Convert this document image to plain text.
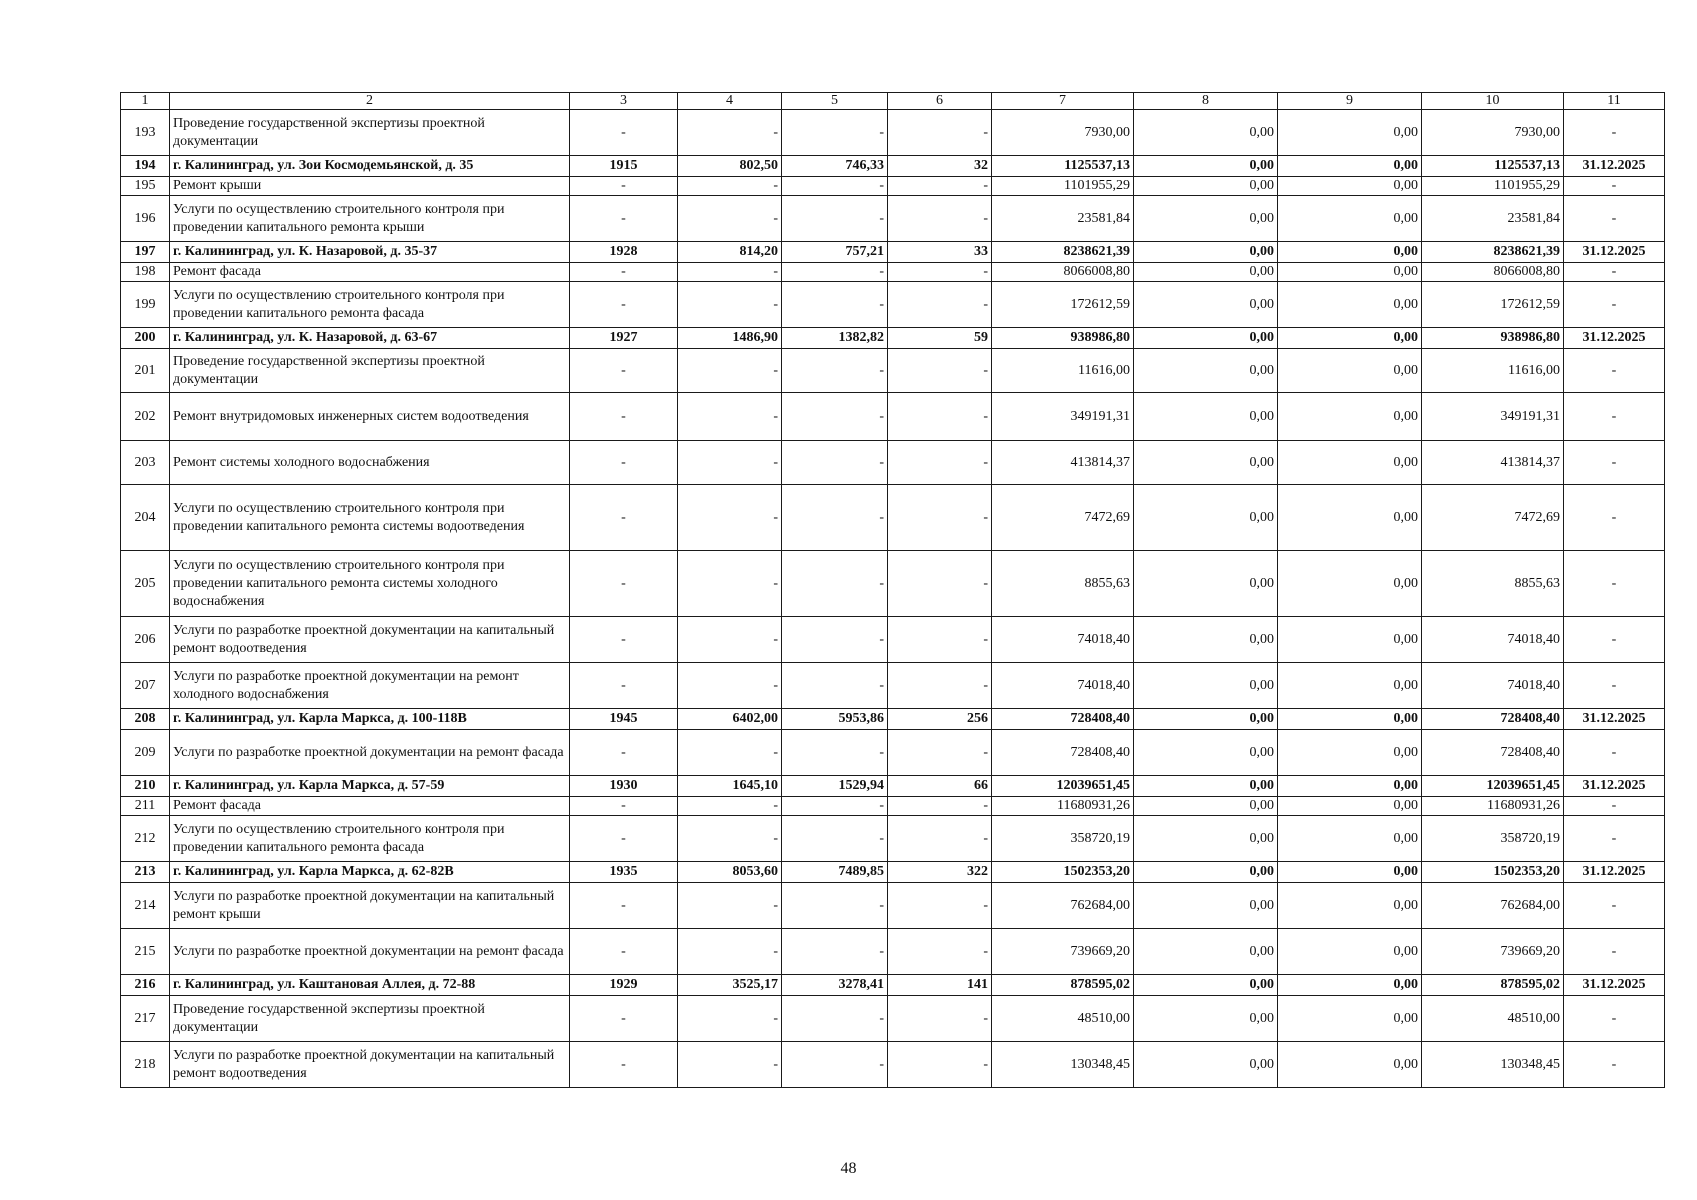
1	2	3	4	5	6	7	8	9	10	11
193	Проведение государственной экспертизы проектной документации	-	-	-	-	7930,00	0,00	0,00	7930,00	-
194	г. Калининград, ул. Зои Космодемьянской, д. 35	1915	802,50	746,33	32	1125537,13	0,00	0,00	1125537,13	31.12.2025
195	Ремонт крыши	-	-	-	-	1101955,29	0,00	0,00	1101955,29	-
196	Услуги по осуществлению строительного контроля при проведении капитального ремонта крыши	-	-	-	-	23581,84	0,00	0,00	23581,84	-
197	г. Калининград, ул. К. Назаровой, д. 35-37	1928	814,20	757,21	33	8238621,39	0,00	0,00	8238621,39	31.12.2025
198	Ремонт фасада	-	-	-	-	8066008,80	0,00	0,00	8066008,80	-
199	Услуги по осуществлению строительного контроля при проведении капитального ремонта фасада	-	-	-	-	172612,59	0,00	0,00	172612,59	-
200	г. Калининград, ул. К. Назаровой, д. 63-67	1927	1486,90	1382,82	59	938986,80	0,00	0,00	938986,80	31.12.2025
201	Проведение государственной экспертизы проектной документации	-	-	-	-	11616,00	0,00	0,00	11616,00	-
202	Ремонт внутридомовых инженерных систем водоотведения	-	-	-	-	349191,31	0,00	0,00	349191,31	-
203	Ремонт системы холодного водоснабжения	-	-	-	-	413814,37	0,00	0,00	413814,37	-
204	Услуги по осуществлению строительного контроля при проведении капитального ремонта системы водоотведения	-	-	-	-	7472,69	0,00	0,00	7472,69	-
205	Услуги по осуществлению строительного контроля при проведении капитального ремонта системы холодного водоснабжения	-	-	-	-	8855,63	0,00	0,00	8855,63	-
206	Услуги по разработке проектной документации на капитальный ремонт водоотведения	-	-	-	-	74018,40	0,00	0,00	74018,40	-
207	Услуги по разработке проектной документации на ремонт холодного водоснабжения	-	-	-	-	74018,40	0,00	0,00	74018,40	-
208	г. Калининград, ул. Карла Маркса, д. 100-118В	1945	6402,00	5953,86	256	728408,40	0,00	0,00	728408,40	31.12.2025
209	Услуги по разработке проектной документации на ремонт фасада	-	-	-	-	728408,40	0,00	0,00	728408,40	-
210	г. Калининград, ул. Карла Маркса, д. 57-59	1930	1645,10	1529,94	66	12039651,45	0,00	0,00	12039651,45	31.12.2025
211	Ремонт фасада	-	-	-	-	11680931,26	0,00	0,00	11680931,26	-
212	Услуги по осуществлению строительного контроля при проведении капитального ремонта фасада	-	-	-	-	358720,19	0,00	0,00	358720,19	-
213	г. Калининград, ул. Карла Маркса, д. 62-82В	1935	8053,60	7489,85	322	1502353,20	0,00	0,00	1502353,20	31.12.2025
214	Услуги по разработке проектной документации на капитальный ремонт крыши	-	-	-	-	762684,00	0,00	0,00	762684,00	-
215	Услуги по разработке проектной документации на ремонт фасада	-	-	-	-	739669,20	0,00	0,00	739669,20	-
216	г. Калининград, ул. Каштановая Аллея, д. 72-88	1929	3525,17	3278,41	141	878595,02	0,00	0,00	878595,02	31.12.2025
217	Проведение государственной экспертизы проектной документации	-	-	-	-	48510,00	0,00	0,00	48510,00	-
218	Услуги по разработке проектной документации на капитальный ремонт водоотведения	-	-	-	-	130348,45	0,00	0,00	130348,45	-
48
